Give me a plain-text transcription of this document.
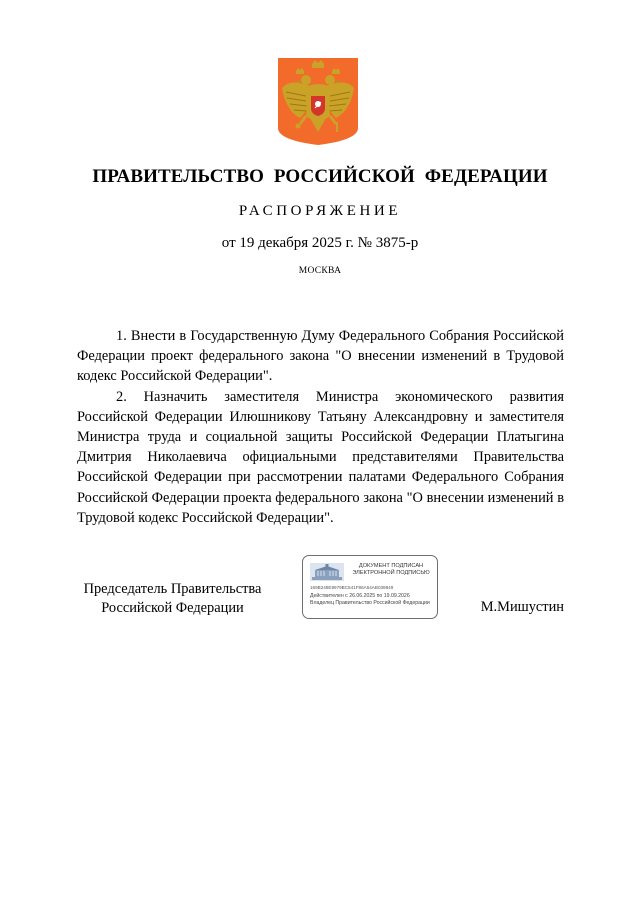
ПРАВИТЕЛЬСТВО РОССИЙСКОЙ ФЕДЕРАЦИИ
РАСПОРЯЖЕНИЕ
от 19 декабря 2025 г. № 3875-р
МОСКВА

1. Внести в Государственную Думу Федерального Собрания Российской Федерации проект федерального закона "О внесении изменений в Трудовой кодекс Российской Федерации".

2. Назначить заместителя Министра экономического развития Российской Федерации Илюшникову Татьяну Александровну и заместителя Министра труда и социальной защиты Российской Федерации Платыгина Дмитрия Николаевича официальными представителями Правительства Российской Федерации при рассмотрении палатами Федерального Собрания Российской Федерации проекта федерального закона "О внесении изменений в Трудовой кодекс Российской Федерации".

Председатель Правительства
Российской Федерации
ДОКУМЕНТ ПОДПИСАН
ЭЛЕКТРОННОЙ ПОДПИСЬЮ
169B248E9979BC541F86A54AB039849
Действителен с 26.06.2025 по 19.09.2026
Владелец Правительство Российской Федерации	М.Мишустин
